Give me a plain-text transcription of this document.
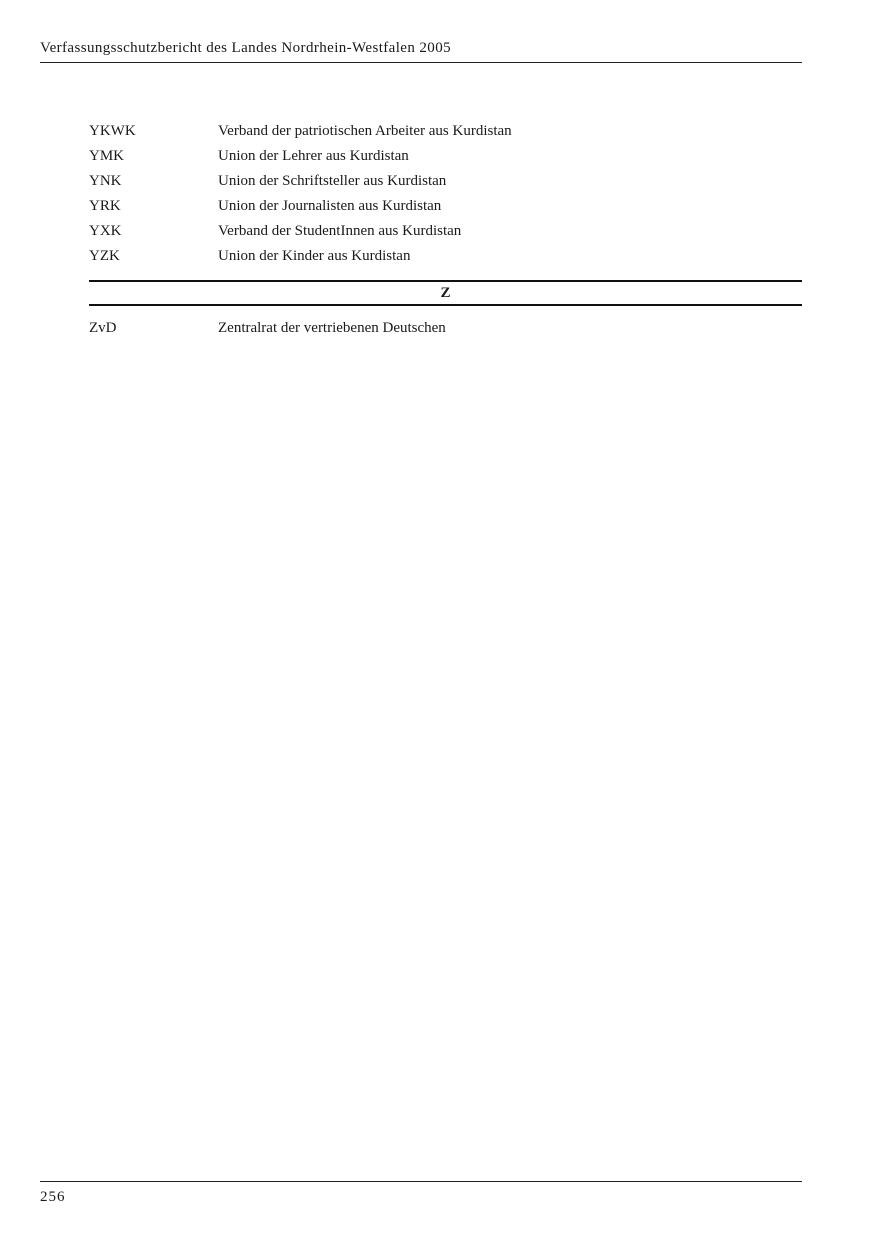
Verfassungsschutzbericht des Landes Nordrhein-Westfalen 2005
YKWK	Verband der patriotischen Arbeiter aus Kurdistan
YMK	Union der Lehrer aus Kurdistan
YNK	Union der Schriftsteller aus Kurdistan
YRK	Union der Journalisten aus Kurdistan
YXK	Verband der StudentInnen aus Kurdistan
YZK	Union der Kinder aus Kurdistan
Z
ZvD	Zentralrat der vertriebenen Deutschen
256
